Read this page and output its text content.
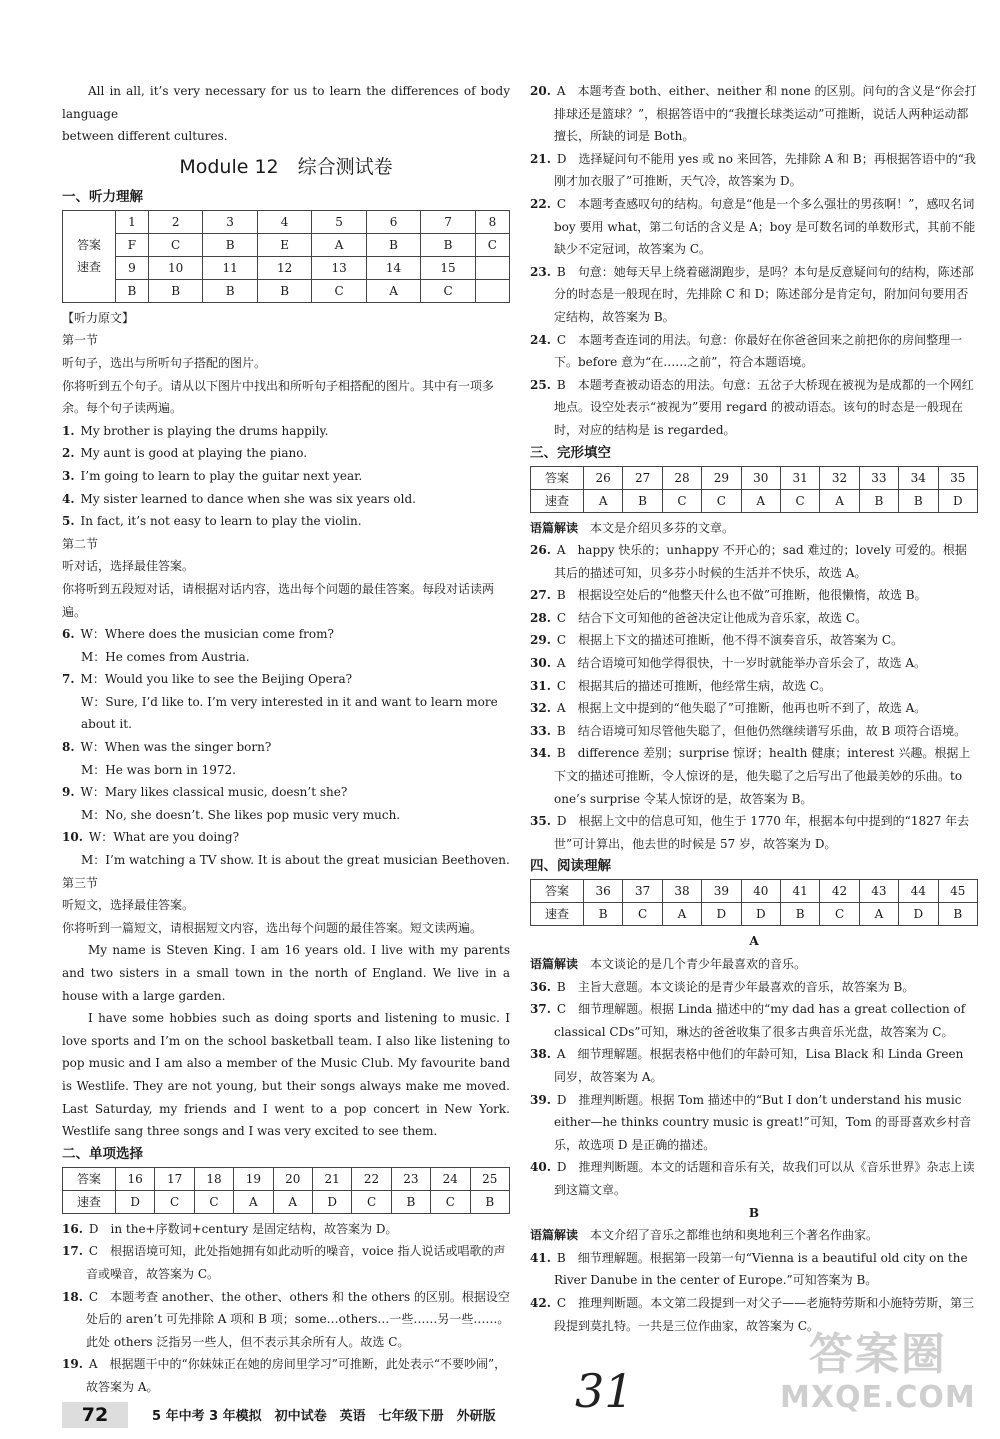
All in all, it’s very necessary for us to learn the differences of body language

between different cultures.

Module 12　综合测试卷
一、听力理解
答案
速查	1	2	3	4	5	6	7	8
	F	C	B	E	A	B	B	C
	9	10	11	12	13	14	15	
	B	B	B	B	C	A	C	

【听力原文】

第一节

听句子，选出与所听句子搭配的图片。

你将听到五个句子。请从以下图片中找出和所听句子相搭配的图片。其中有一项多余。每个句子读两遍。

1. My brother is playing the drums happily.

2. My aunt is good at playing the piano.

3. I’m going to learn to play the guitar next year.

4. My sister learned to dance when she was six years old.

5. In fact, it’s not easy to learn to play the violin.

第二节

听对话，选择最佳答案。

你将听到五段短对话，请根据对话内容，选出每个问题的最佳答案。每段对话读两遍。

6. W：Where does the musician come from?

M：He comes from Austria.

7. M：Would you like to see the Beijing Opera?

W：Sure, I’d like to. I’m very interested in it and want to learn more about it.

8. W：When was the singer born?

M：He was born in 1972.

9. W：Mary likes classical music, doesn’t she?

M：No, she doesn’t. She likes pop music very much.

10. W：What are you doing?

M：I’m watching a TV show. It is about the great musician Beethoven.

第三节

听短文，选择最佳答案。

你将听到一篇短文，请根据短文内容，选出每个问题的最佳答案。短文读两遍。

My name is Steven King. I am 16 years old. I live with my parents and two sisters in a small town in the north of England. We live in a house with a large garden.

I have some hobbies such as doing sports and listening to music. I love sports and I’m on the school basketball team. I also like listening to pop music and I am also a member of the Music Club. My favourite band is Westlife. They are not young, but their songs always make me moved. Last Saturday, my friends and I went to a pop concert in New York. Westlife sang three songs and I was very excited to see them.

二、单项选择
答案	16	17	18	19	20	21	22	23	24	25
速查	D	C	C	A	A	D	C	B	C	B

16. D　in the+序数词+century 是固定结构，故答案为 D。

17. C　根据语境可知，此处指她拥有如此动听的噪音，voice 指人说话或唱歌的声音或噪音，故答案为 C。

18. C　本题考查 another、the other、others 和 the others 的区别。根据设空处后的 aren’t 可先排除 A 项和 B 项；some…others…一些……另一些……。此处 others 泛指另一些人，但不表示其余所有人。故选 C。

19. A　根据题干中的“你妹妹正在她的房间里学习”可推断，此处表示“不要吵闹”，故答案为 A。

20. A　本题考查 both、either、neither 和 none 的区别。问句的含义是“你会打排球还是篮球？”，根据答语中的“我擅长球类运动”可推断，说话人两种运动都擅长，所缺的词是 Both。

21. D　选择疑问句不能用 yes 或 no 来回答，先排除 A 和 B；再根据答语中的“我刚才加衣服了”可推断，天气冷，故答案为 D。

22. C　本题考查感叹句的结构。句意是“他是一个多么强壮的男孩啊！”，感叹名词 boy 要用 what，第二句话的含义是 A；boy 是可数名词的单数形式，其前不能缺少不定冠词，故答案为 C。

23. B　句意：她每天早上绕着磁湖跑步，是吗？本句是反意疑问句的结构，陈述部分的时态是一般现在时，先排除 C 和 D；陈述部分是肯定句，附加问句要用否定结构，故答案为 B。

24. C　本题考查连词的用法。句意：你最好在你爸爸回来之前把你的房间整理一下。before 意为“在……之前”，符合本题语境。

25. B　本题考查被动语态的用法。句意：五岔子大桥现在被视为是成都的一个网红地点。设空处表示“被视为”要用 regard 的被动语态。该句的时态是一般现在时，对应的结构是 is regarded。

三、完形填空
答案	26	27	28	29	30	31	32	33	34	35
速查	A	B	C	C	A	C	A	B	B	D

语篇解读　 本文是介绍贝多芬的文章。

26. A　happy 快乐的；unhappy 不开心的；sad 难过的；lovely 可爱的。根据其后的描述可知，贝多芬小时候的生活并不快乐，故选 A。

27. B　根据设空处后的“他整天什么也不做”可推断，他很懒惰，故选 B。

28. C　结合下文可知他的爸爸决定让他成为音乐家，故选 C。

29. C　根据上下文的描述可推断，他不得不演奏音乐，故答案为 C。

30. A　结合语境可知他学得很快，十一岁时就能举办音乐会了，故选 A。

31. C　根据其后的描述可推断，他经常生病，故选 C。

32. A　根据上文中提到的“他失聪了”可推断，他再也听不到了，故选 A。

33. B　结合语境可知尽管他失聪了，但他仍然继续谱写乐曲，故 B 项符合语境。

34. B　difference 差别；surprise 惊讶；health 健康；interest 兴趣。根据上下文的描述可推断，令人惊讶的是，他失聪了之后写出了他最美妙的乐曲。to one’s surprise 令某人惊讶的是，故答案为 B。

35. D　根据上文中的信息可知，他生于 1770 年，根据本句中提到的“1827 年去世”可计算出，他去世的时候是 57 岁，故答案为 D。

四、阅读理解
答案	36	37	38	39	40	41	42	43	44	45
速查	B	C	A	D	D	B	C	A	D	B

A

语篇解读　 本文谈论的是几个青少年最喜欢的音乐。

36. B　主旨大意题。本文谈论的是青少年最喜欢的音乐，故答案为 B。

37. C　细节理解题。根据 Linda 描述中的“my dad has a great collection of classical CDs”可知，琳达的爸爸收集了很多古典音乐光盘，故答案为 C。

38. A　细节理解题。根据表格中他们的年龄可知，Lisa Black 和 Linda Green 同岁，故答案为 A。

39. D　推理判断题。根据 Tom 描述中的“But I don’t understand his music either—he thinks country music is great!”可知，Tom 的哥哥喜欢乡村音乐，故选项 D 是正确的描述。

40. D　推理判断题。本文的话题和音乐有关，故我们可以从《音乐世界》杂志上读到这篇文章。

B

语篇解读　 本文介绍了音乐之都维也纳和奥地利三个著名作曲家。

41. B　细节理解题。根据第一段第一句“Vienna is a beautiful old city on the River Danube in the center of Europe.”可知答案为 B。

42. C　推理判断题。本文第二段提到一对父子——老施特劳斯和小施特劳斯，第三段提到莫扎特。一共是三位作曲家，故答案为 C。

72	5 年中考 3 年模拟　初中试卷　英语　七年级下册　外研版 31
答案圈
MXQE.COM
